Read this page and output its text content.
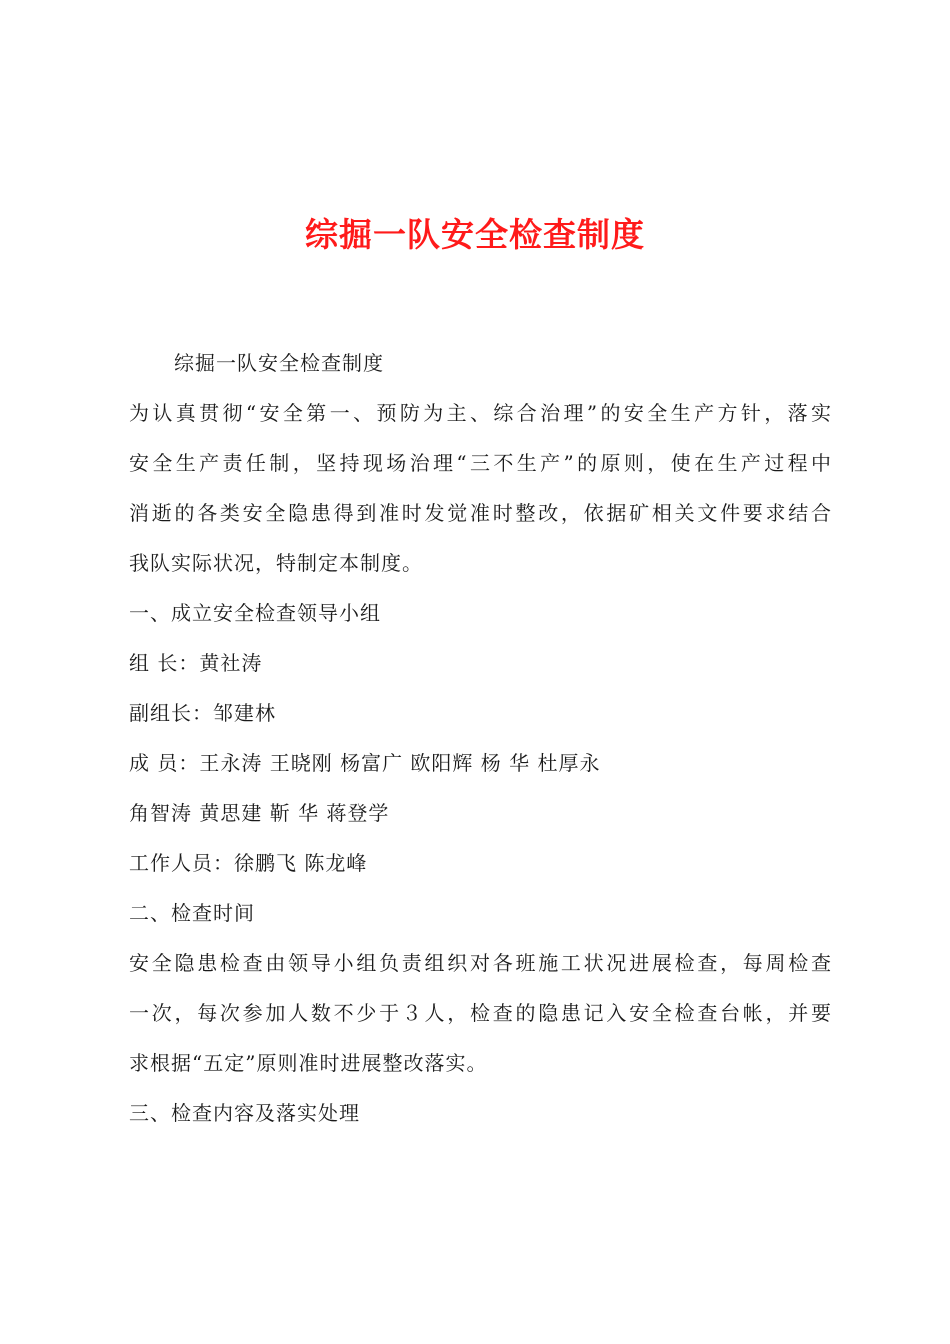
综掘一队安全检查制度
综掘一队安全检查制度
为认真贯彻“安全第一、预防为主、综合治理”的安全生产方针，落实
安全生产责任制，坚持现场治理“三不生产”的原则，使在生产过程中
消逝的各类安全隐患得到准时发觉准时整改，依据矿相关文件要求结合
我队实际状况，特制定本制度。
一、成立安全检查领导小组
组 长：黄社涛
副组长：邹建林
成 员：王永涛 王晓刚 杨富广 欧阳辉 杨 华 杜厚永
角智涛 黄思建 靳 华 蒋登学
工作人员：徐鹏飞 陈龙峰
二、检查时间
安全隐患检查由领导小组负责组织对各班施工状况进展检查，每周检查
一次，每次参加人数不少于３人，检查的隐患记入安全检查台帐，并要
求根据“五定”原则准时进展整改落实。
三、检查内容及落实处理
